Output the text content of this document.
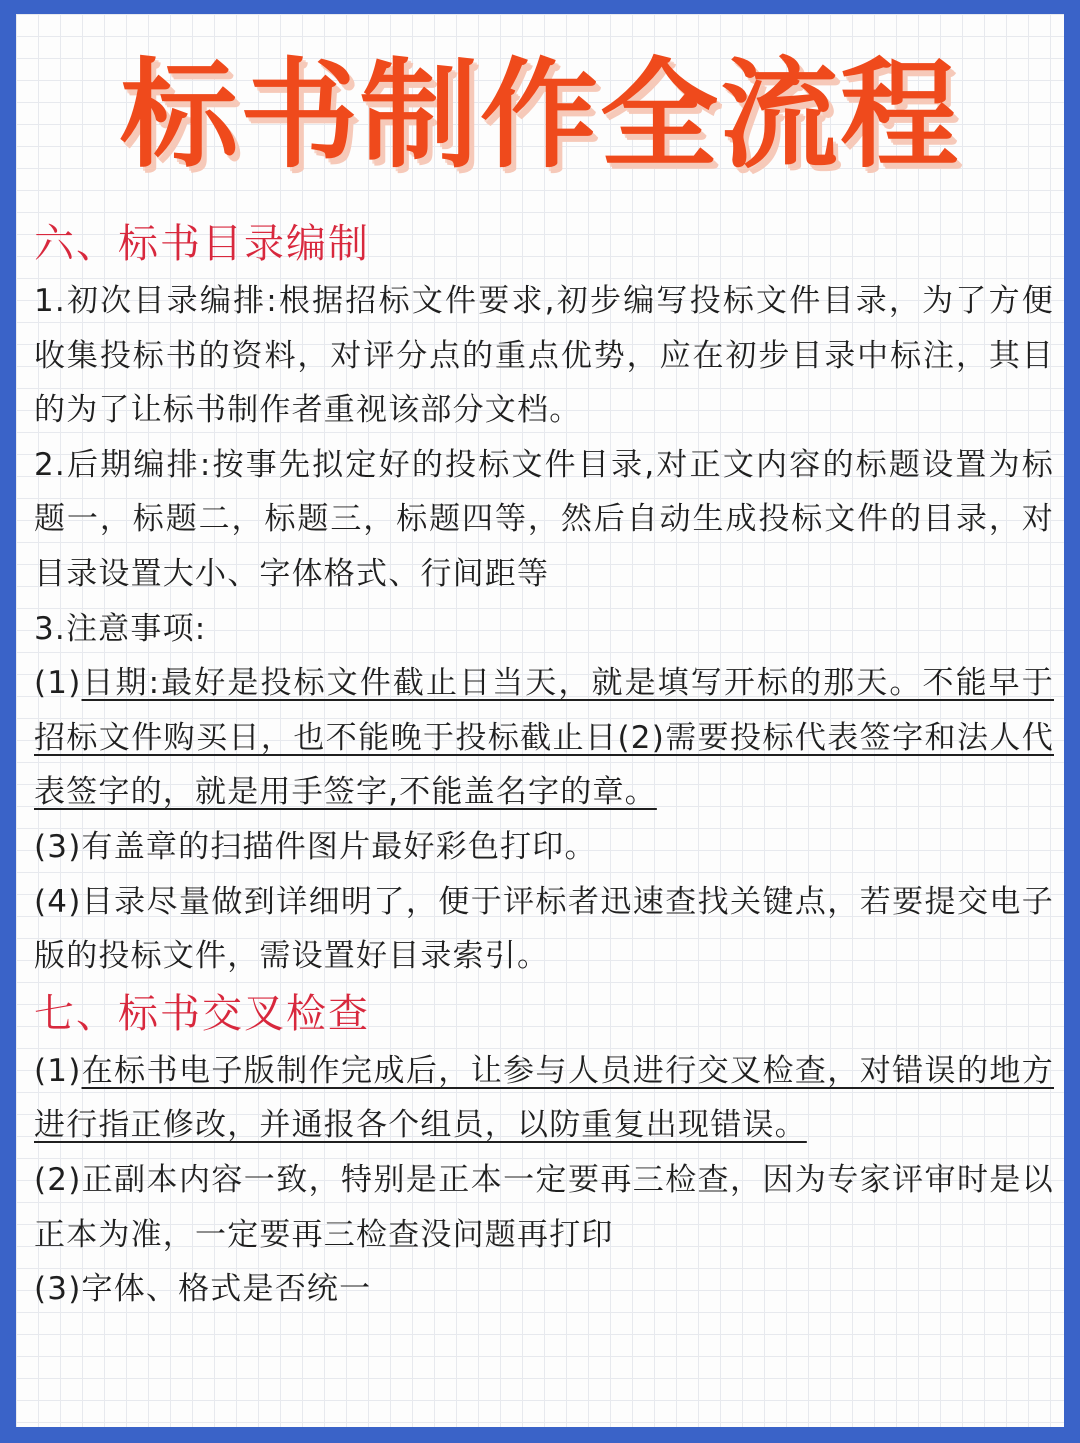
标书制作全流程
六、标书目录编制
1.初次目录编排:根据招标文件要求,初步编写投标文件目录，为了方便收集投标书的资料，对评分点的重点优势，应在初步目录中标注，其目的为了让标书制作者重视该部分文档。
2.后期编排:按事先拟定好的投标文件目录,对正文内容的标题设置为标题一，标题二，标题三，标题四等，然后自动生成投标文件的目录，对目录设置大小、字体格式、行间距等
3.注意事项:
(1)日期:最好是投标文件截止日当天，就是填写开标的那天。不能早于招标文件购买日，也不能晚于投标截止日(2)需要投标代表签字和法人代表签字的，就是用手签字,不能盖名字的章。
(3)有盖章的扫描件图片最好彩色打印。
(4)目录尽量做到详细明了，便于评标者迅速查找关键点，若要提交电子版的投标文件，需设置好目录索引。
七、标书交叉检查
(1)在标书电子版制作完成后，让参与人员进行交叉检查，对错误的地方进行指正修改，并通报各个组员，以防重复出现错误。
(2)正副本内容一致，特别是正本一定要再三检查，因为专家评审时是以正本为准，一定要再三检查没问题再打印
(3)字体、格式是否统一
